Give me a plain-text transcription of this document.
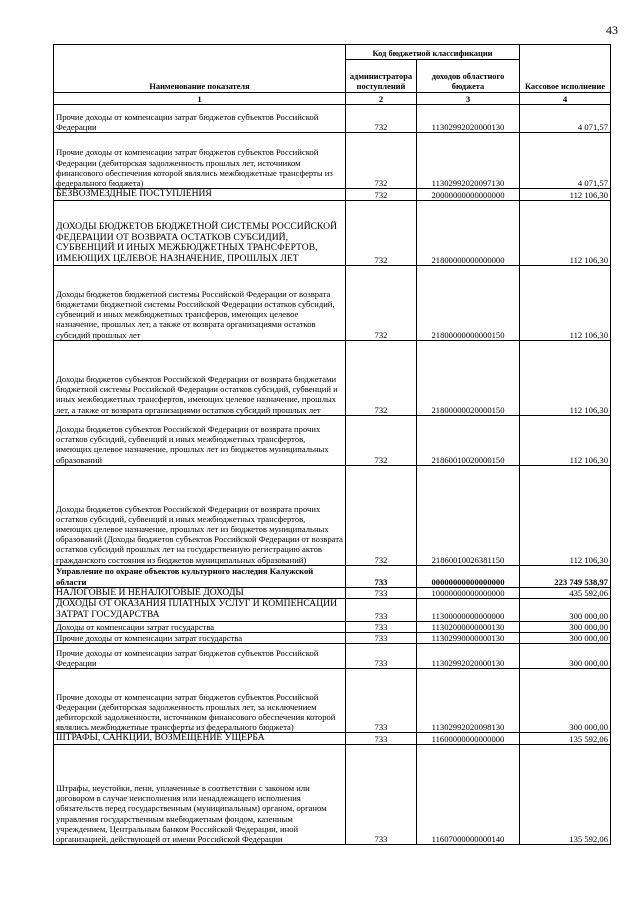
43
Наименование показателя	Код бюджетной классификации		Кассовое исполнение
	администратора поступлений	доходов областного бюджета	
1	2	3	4
Прочие доходы от компенсации затрат бюджетов субъектов Российской Федерации	732	11302992020000130	4 071,57
Прочие доходы от компенсации затрат бюджетов субъектов Российской Федерации (дебиторская задолженность прошлых лет, источником финансового обеспечения которой являлись межбюджетные трансферты из федерального бюджета)	732	11302992020097130	4 071,57
БЕЗВОЗМЕЗДНЫЕ ПОСТУПЛЕНИЯ	732	20000000000000000	112 106,30
ДОХОДЫ БЮДЖЕТОВ БЮДЖЕТНОЙ СИСТЕМЫ РОССИЙСКОЙ ФЕДЕРАЦИИ ОТ ВОЗВРАТА ОСТАТКОВ СУБСИДИЙ, СУБВЕНЦИЙ И ИНЫХ МЕЖБЮДЖЕТНЫХ ТРАНСФЕРТОВ, ИМЕЮЩИХ ЦЕЛЕВОЕ НАЗНАЧЕНИЕ, ПРОШЛЫХ ЛЕТ	732	21800000000000000	112 106,30
Доходы бюджетов бюджетной системы Российской Федерации от возврата бюджетами бюджетной системы Российской Федерации остатков субсидий, субвенций и иных межбюджетных трансферов, имеющих целевое назначение, прошлых лет, а также от возврата организациями остатков субсидий прошлых лет	732	21800000000000150	112 106,30
Доходы бюджетов субъектов Российской Федерации от возврата бюджетами бюджетной системы Российской Федерации остатков субсидий, субвенций и иных межбюджетных трансфертов, имеющих целевое назначение, прошлых лет, а также от возврата организациями остатков субсидий прошлых лет	732	21800000020000150	112 106,30
Доходы бюджетов субъектов Российской Федерации от возврата прочих остатков субсидий, субвенций и иных межбюджетных трансфертов, имеющих целевое назначение, прошлых лет из бюджетов муниципальных образований	732	21860010020000150	112 106,30
Доходы бюджетов субъектов Российской Федерации от возврата прочих остатков субсидий, субвенций и иных межбюджетных трансфертов, имеющих целевое назначение, прошлых лет из бюджетов муниципальных образований (Доходы бюджетов субъектов Российской Федерации от возврата остатков субсидий прошлых лет на государственную регистрацию актов гражданского состояния из бюджетов муниципальных образований)	732	21860010026381150	112 106,30
Управление по охране объектов культурного наследия Калужской области	733	00000000000000000	223 749 538,97
НАЛОГОВЫЕ И НЕНАЛОГОВЫЕ ДОХОДЫ	733	10000000000000000	435 592,06
ДОХОДЫ ОТ ОКАЗАНИЯ ПЛАТНЫХ УСЛУГ И КОМПЕНСАЦИИ ЗАТРАТ ГОСУДАРСТВА	733	11300000000000000	300 000,00
Доходы от компенсации затрат государства	733	11302000000000130	300 000,00
Прочие доходы от компенсации затрат государства	733	11302990000000130	300 000,00
Прочие доходы от компенсации затрат бюджетов субъектов Российской Федерации	733	11302992020000130	300 000,00
Прочие доходы от компенсации затрат бюджетов субъектов Российской Федерации (дебиторская задолженность прошлых лет, за исключением дебиторской задолженности, источником финансового обеспечения которой являлись межбюджетные трансферты из федерального бюджета)	733	11302992020098130	300 000,00
ШТРАФЫ, САНКЦИИ, ВОЗМЕЩЕНИЕ УЩЕРБА	733	11600000000000000	135 592,06
Штрафы, неустойки, пени, уплаченные в соответствии с законом или договором в случае неисполнения или ненадлежащего исполнения обязательств перед государственным (муниципальным) органом, органом управления государственным внебюджетным фондом, казенным учреждением, Центральным банком Российской Федерации, иной организацией, действующей от имени Российской Федерации	733	11607000000000140	135 592,06
